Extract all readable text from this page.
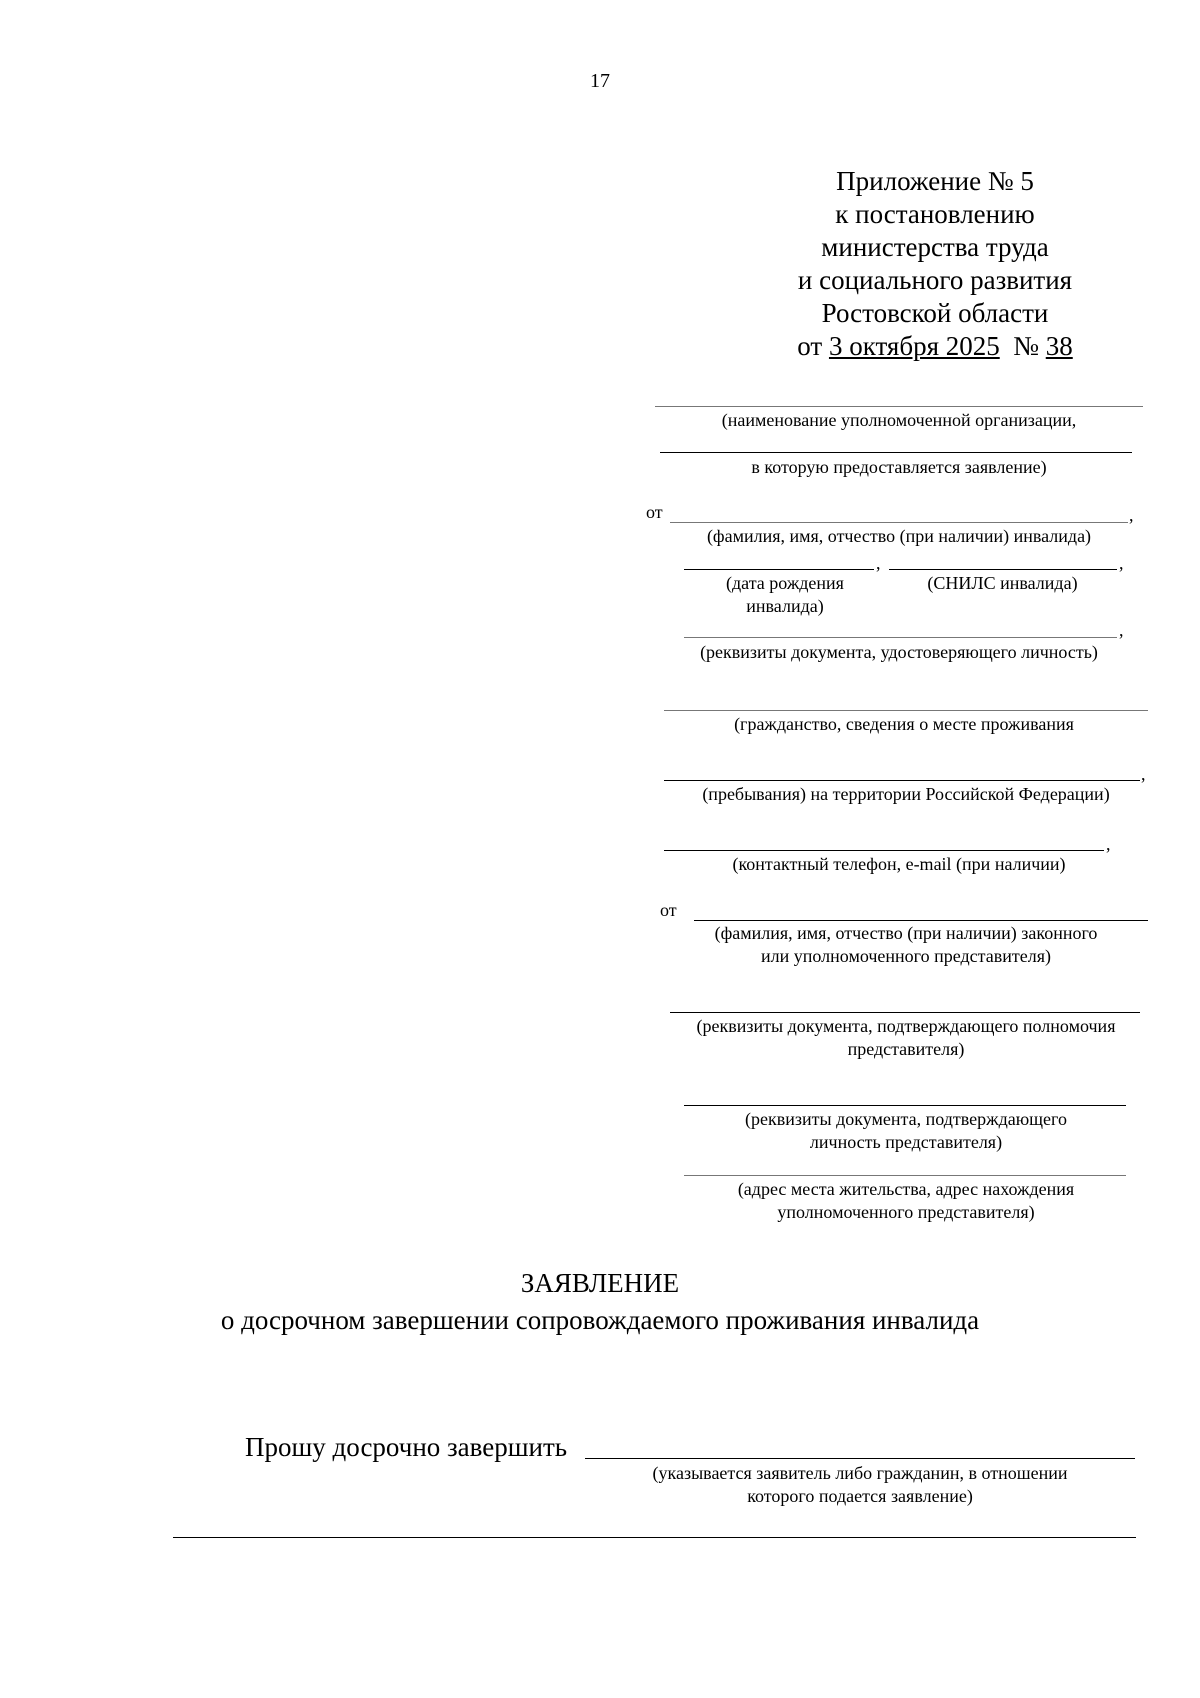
17
Приложение № 5
к постановлению
министерства труда
и социального развития
Ростовской области
от 3 октября 2025 № 38
(наименование уполномоченной организации,
в которую предоставляется заявление)
от	,
(фамилия, имя, отчество (при наличии) инвалида)
,	,
(дата рождения
инвалида)
(СНИЛС инвалида)
,
(реквизиты документа, удостоверяющего личность)
(гражданство, сведения о месте проживания
,
(пребывания) на территории Российской Федерации)
,
(контактный телефон, e-mail (при наличии)
от
(фамилия, имя, отчество (при наличии) законного
или уполномоченного представителя)
(реквизиты документа, подтверждающего полномочия
представителя)
(реквизиты документа, подтверждающего
личность представителя)
(адрес места жительства, адрес нахождения
уполномоченного представителя)
ЗАЯВЛЕНИЕ
о досрочном завершении сопровождаемого проживания инвалида
Прошу досрочно завершить
(указывается заявитель либо гражданин, в отношении
которого подается заявление)
